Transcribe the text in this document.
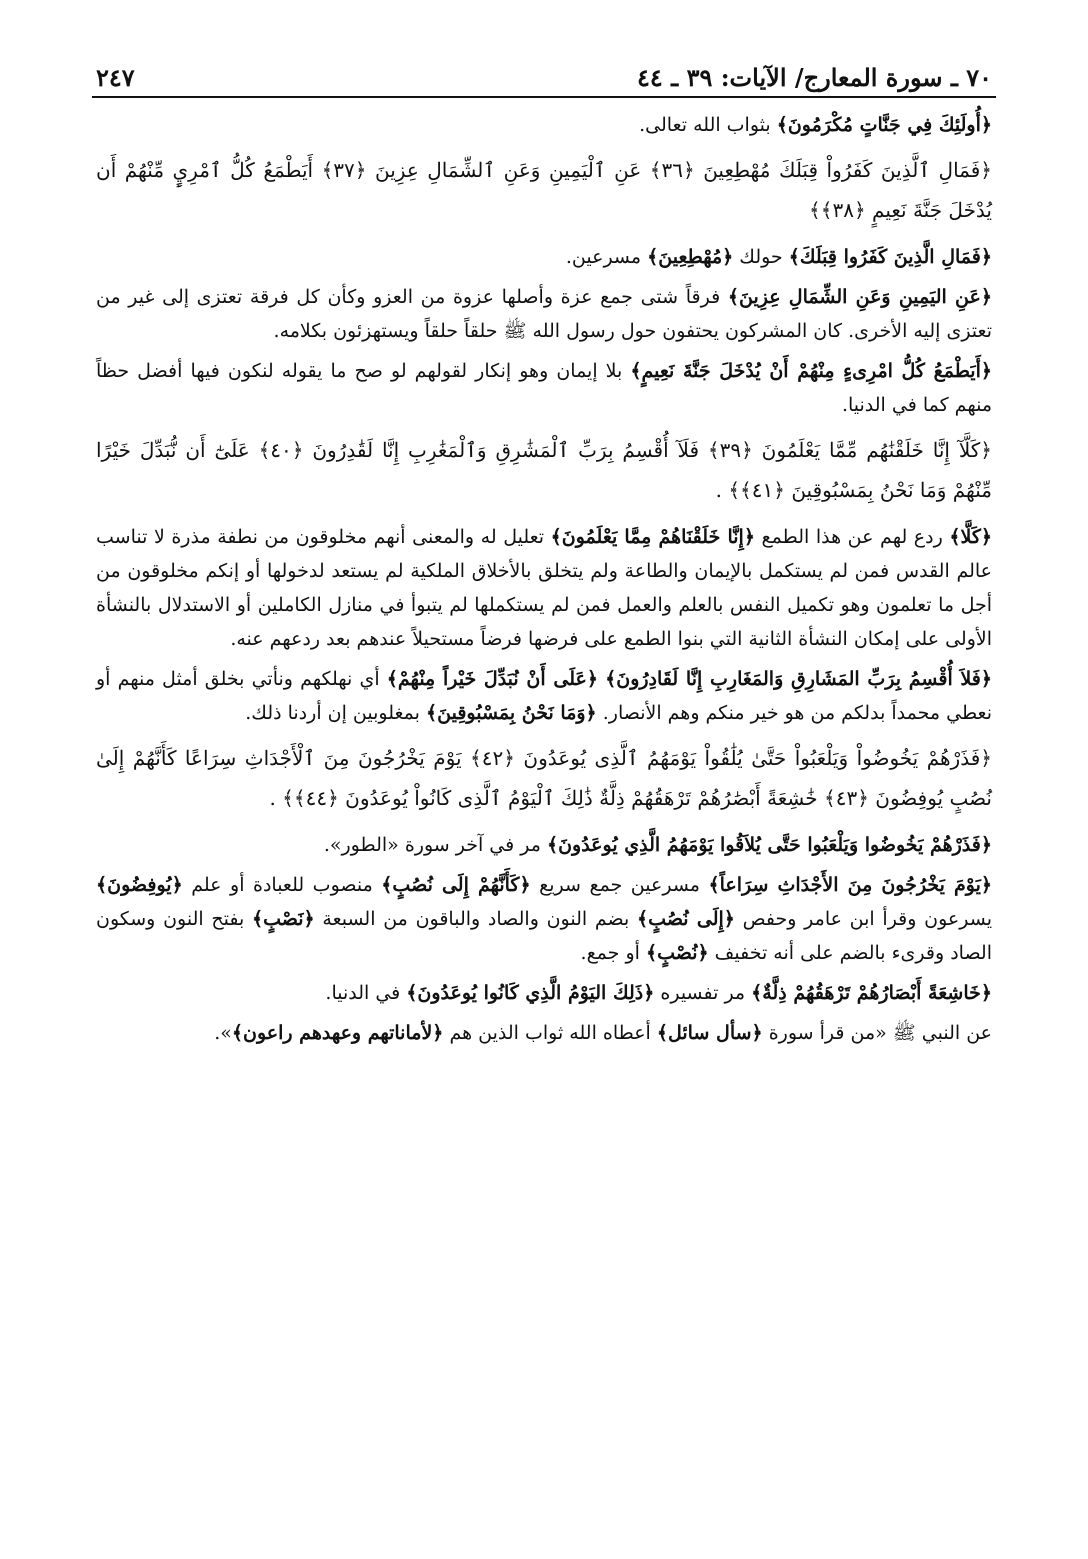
٧٠ ـ سورة المعارج/ الآيات: ٣٩ ـ ٤٤
٢٤٧

﴿أُولَئِكَ فِي جَنَّاتٍ مُكْرَمُونَ﴾ بثواب الله تعالى.

﴿فَمَالِ ٱلَّذِينَ كَفَرُواْ قِبَلَكَ مُهْطِعِينَ ﴿٣٦﴾ عَنِ ٱلْيَمِينِ وَعَنِ ٱلشِّمَالِ عِزِينَ ﴿٣٧﴾ أَيَطْمَعُ كُلُّ ٱمْرِيٍٕ مِّنْهُمْ أَن يُدْخَلَ جَنَّةَ نَعِيمٍ ﴿٣٨﴾﴾

﴿فَمَالِ الَّذِينَ كَفَرُوا قِبَلَكَ﴾ حولك ﴿مُهْطِعِينَ﴾ مسرعين.

﴿عَنِ اليَمِينِ وَعَنِ الشِّمَالِ عِزِينَ﴾ فرقاً شتى جمع عزة وأصلها عزوة من العزو وكأن كل فرقة تعتزى إلى غير من تعتزى إليه الأخرى. كان المشركون يحتفون حول رسول الله ﷺ حلقاً حلقاً ويستهزئون بكلامه.

﴿أَيَطْمَعُ كُلُّ امْرِىءٍ مِنْهُمْ أَنْ يُدْخَلَ جَنَّةَ نَعِيمٍ﴾ بلا إيمان وهو إنكار لقولهم لو صح ما يقوله لنكون فيها أفضل حظاً منهم كما في الدنيا.

﴿كَلَّآ إِنَّا خَلَقْنَٰهُم مِّمَّا يَعْلَمُونَ ﴿٣٩﴾ فَلَآ أُقْسِمُ بِرَبِّ ٱلْمَشَٰرِقِ وَٱلْمَغَٰرِبِ إِنَّا لَقَٰدِرُونَ ﴿٤٠﴾ عَلَىٰٓ أَن نُّبَدِّلَ خَيْرًا مِّنْهُمْ وَمَا نَحْنُ بِمَسْبُوقِينَ ﴿٤١﴾﴾ .

﴿كَلَّا﴾ ردع لهم عن هذا الطمع ﴿إِنَّا خَلَقْنَاهُمْ مِمَّا يَعْلَمُونَ﴾ تعليل له والمعنى أنهم مخلوقون من نطفة مذرة لا تناسب عالم القدس فمن لم يستكمل بالإيمان والطاعة ولم يتخلق بالأخلاق الملكية لم يستعد لدخولها أو إنكم مخلوقون من أجل ما تعلمون وهو تكميل النفس بالعلم والعمل فمن لم يستكملها لم يتبوأ في منازل الكاملين أو الاستدلال بالنشأة الأولى على إمكان النشأة الثانية التي بنوا الطمع على فرضها فرضاً مستحيلاً عندهم بعد ردعهم عنه.

﴿فَلاَ أُقْسِمُ بِرَبِّ المَشَارِقِ وَالمَغَارِبِ إِنَّا لَقَادِرُونَ﴾ ﴿عَلَى أَنْ نُبَدِّلَ خَيْراً مِنْهُمْ﴾ أي نهلكهم ونأتي بخلق أمثل منهم أو نعطي محمداً بدلكم من هو خير منكم وهم الأنصار. ﴿وَمَا نَحْنُ بِمَسْبُوقِينَ﴾ بمغلوبين إن أردنا ذلك.

﴿فَذَرْهُمْ يَخُوضُواْ وَيَلْعَبُواْ حَتَّىٰ يُلَٰقُواْ يَوْمَهُمُ ٱلَّذِى يُوعَدُونَ ﴿٤٢﴾ يَوْمَ يَخْرُجُونَ مِنَ ٱلْأَجْدَاثِ سِرَاعًا كَأَنَّهُمْ إِلَىٰ نُصُبٍ يُوفِضُونَ ﴿٤٣﴾ خَٰشِعَةً أَبْصَٰرُهُمْ تَرْهَقُهُمْ ذِلَّةٌ ذَٰلِكَ ٱلْيَوْمُ ٱلَّذِى كَانُواْ يُوعَدُونَ ﴿٤٤﴾﴾ .

﴿فَذَرْهُمْ يَخُوضُوا وَيَلْعَبُوا حَتَّى يُلاَقُوا يَوْمَهُمُ الَّذِي يُوعَدُونَ﴾ مر في آخر سورة «الطور».

﴿يَوْمَ يَخْرُجُونَ مِنَ الأَجْدَاثِ سِرَاعاً﴾ مسرعين جمع سريع ﴿كَأَنَّهُمْ إِلَى نُصُبٍ﴾ منصوب للعبادة أو علم ﴿يُوفِضُونَ﴾ يسرعون وقرأ ابن عامر وحفص ﴿إِلَى نُصُبٍ﴾ بضم النون والصاد والباقون من السبعة ﴿نَصْبٍ﴾ بفتح النون وسكون الصاد وقرىء بالضم على أنه تخفيف ﴿نُصْبٍ﴾ أو جمع.

﴿خَاشِعَةً أَبْصَارُهُمْ تَرْهَقُهُمْ ذِلَّةٌ﴾ مر تفسيره ﴿ذَلِكَ اليَوْمُ الَّذِي كَانُوا يُوعَدُونَ﴾ في الدنيا.

عن النبي ﷺ «من قرأ سورة ﴿سأل سائل﴾ أعطاه الله ثواب الذين هم ﴿لأماناتهم وعهدهم راعون﴾».
